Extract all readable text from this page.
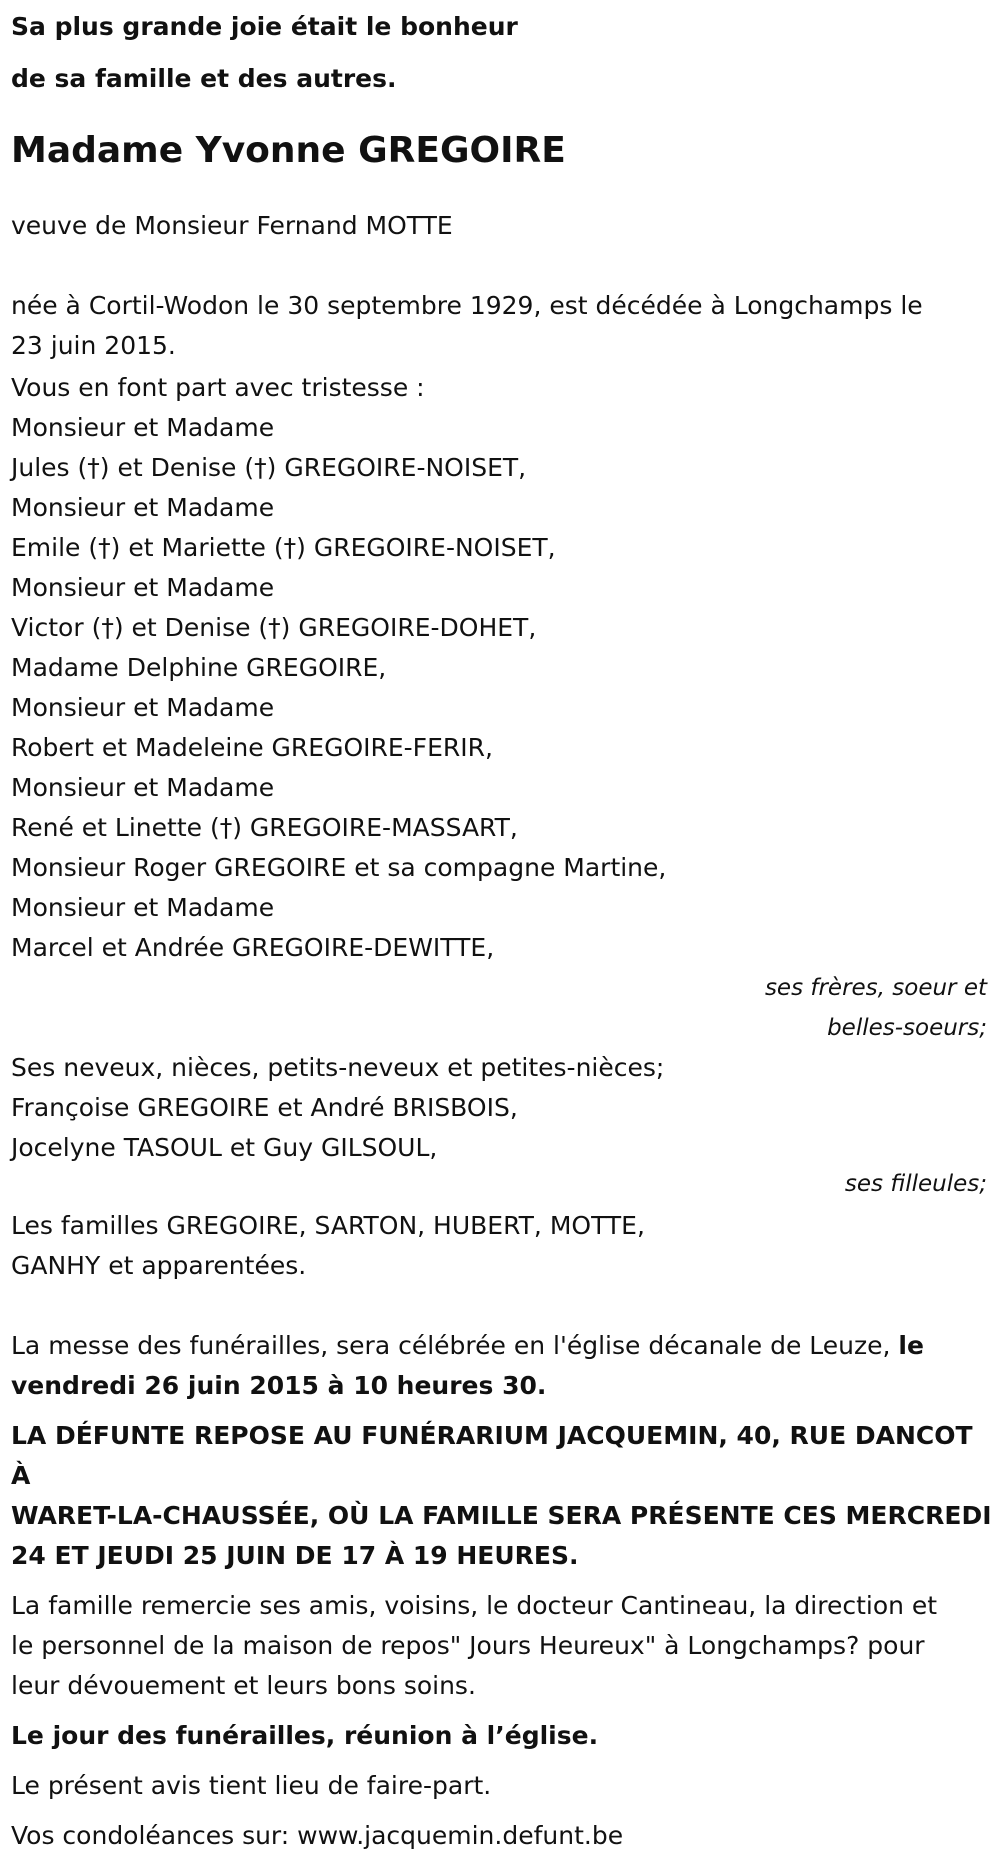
Sa plus grande joie était le bonheur
de sa famille et des autres.
Madame Yvonne GREGOIRE
veuve de Monsieur Fernand MOTTE
née à Cortil-Wodon le 30 septembre 1929, est décédée à Longchamps le
23 juin 2015.
Vous en font part avec tristesse :
Monsieur et Madame
Jules (†) et Denise (†) GREGOIRE-NOISET,
Monsieur et Madame
Emile (†) et Mariette (†) GREGOIRE-NOISET,
Monsieur et Madame
Victor (†) et Denise (†) GREGOIRE-DOHET,
Madame Delphine GREGOIRE,
Monsieur et Madame
Robert et Madeleine GREGOIRE-FERIR,
Monsieur et Madame
René et Linette (†) GREGOIRE-MASSART,
Monsieur Roger GREGOIRE et sa compagne Martine,
Monsieur et Madame
Marcel et Andrée GREGOIRE-DEWITTE,
ses frères, soeur et
belles-soeurs;
Ses neveux, nièces, petits-neveux et petites-nièces;
Françoise GREGOIRE et André BRISBOIS,
Jocelyne TASOUL et Guy GILSOUL,
ses filleules;
Les familles GREGOIRE, SARTON, HUBERT, MOTTE,
GANHY et apparentées.
La messe des funérailles, sera célébrée en l'église décanale de Leuze, le
vendredi 26 juin 2015 à 10 heures 30.
LA DÉFUNTE REPOSE AU FUNÉRARIUM JACQUEMIN, 40, RUE DANCOT À
WARET-LA-CHAUSSÉE, OÙ LA FAMILLE SERA PRÉSENTE CES MERCREDI
24 ET JEUDI 25 JUIN DE 17 À 19 HEURES.
La famille remercie ses amis, voisins, le docteur Cantineau, la direction et
le personnel de la maison de repos" Jours Heureux" à Longchamps? pour
leur dévouement et leurs bons soins.
Le jour des funérailles, réunion à l’église.
Le présent avis tient lieu de faire-part.
Vos condoléances sur: www.jacquemin.defunt.be
